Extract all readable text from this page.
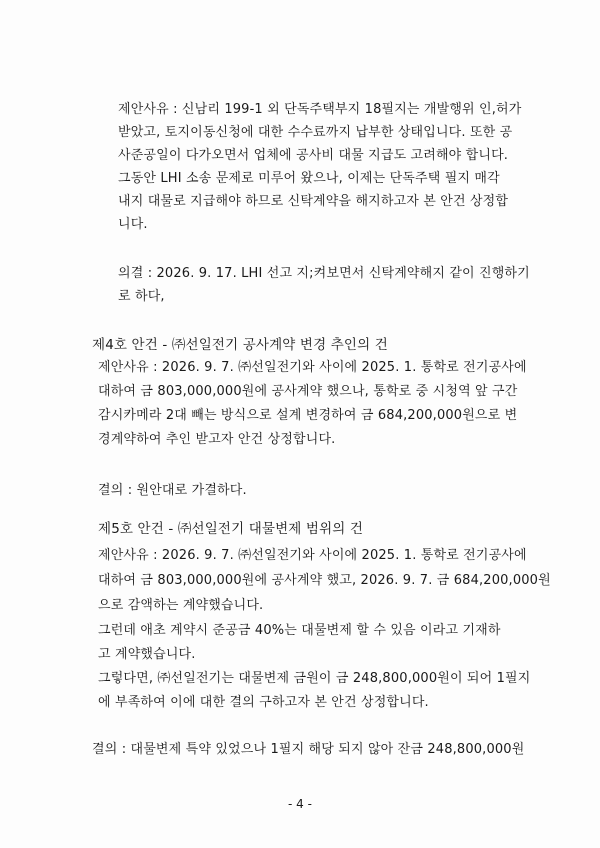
제안사유 : 신남리 199-1 외 단독주택부지 18필지는 개발행위 인,허가
받았고, 토지이동신청에 대한 수수료까지 납부한 상태입니다. 또한 공
사준공일이 다가오면서 업체에 공사비 대물 지급도 고려해야 합니다.
그동안 LHI 소송 문제로 미루어 왔으나, 이제는 단독주택 필지 매각
내지 대물로 지급해야 하므로 신탁계약을 해지하고자 본 안건 상정합
니다.
의결 : 2026. 9. 17. LHI 선고 지;켜보면서 신탁계약해지 같이 진행하기
로 하다,
제4호 안건 - ㈜선일전기 공사계약 변경 추인의 건
제안사유 : 2026. 9. 7. ㈜선일전기와 사이에 2025. 1. 통학로 전기공사에
대하여 금 803,000,000원에 공사계약 했으나, 통학로 중 시청역 앞 구간
감시카메라 2대 빼는 방식으로 설계 변경하여 금 684,200,000원으로 변
경계약하여 추인 받고자 안건 상정합니다.
결의 : 원안대로 가결하다.
제5호 안건 - ㈜선일전기 대물변제 범위의 건
제안사유 : 2026. 9. 7. ㈜선일전기와 사이에 2025. 1. 통학로 전기공사에
대하여 금 803,000,000원에 공사계약 했고, 2026. 9. 7. 금 684,200,000원
으로 감액하는 계약했습니다.
그런데 애초 계약시 준공금 40%는 대물변제 할 수 있음 이라고 기재하
고 계약했습니다.
그렇다면, ㈜선일전기는 대물변제 금원이 금 248,800,000원이 되어 1필지
에 부족하여 이에 대한 결의 구하고자 본 안건 상정합니다.
결의 : 대물변제 특약 있었으나 1필지 해당 되지 않아 잔금 248,800,000원
- 4 -
